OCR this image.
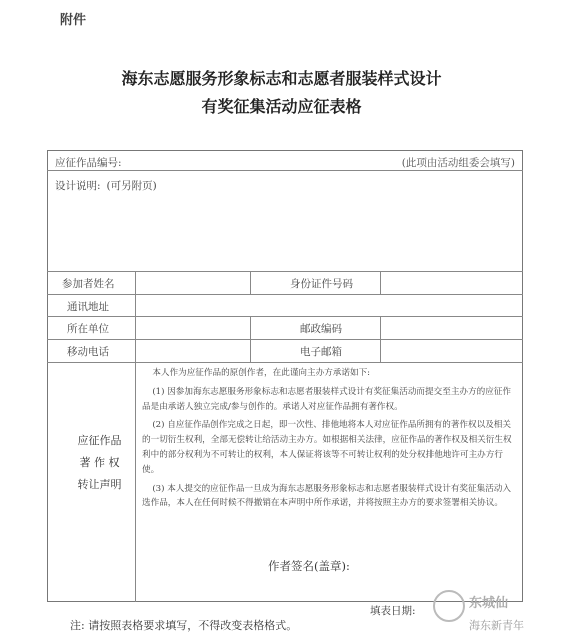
附件
海东志愿服务形象标志和志愿者服装样式设计
有奖征集活动应征表格
应征作品编号:	(此项由活动组委会填写)
设计说明: (可另附页)
参加者姓名	身份证件号码
通讯地址
所在单位	邮政编码
移动电话	电子邮箱
应征作品
著 作 权
转让声明

本人作为应征作品的原创作者，在此谨向主办方承诺如下:

(1) 因参加海东志愿服务形象标志和志愿者服装样式设计有奖征集活动而提交至主办方的应征作品是由承诺人独立完成/参与创作的。承诺人对应征作品拥有著作权。

(2) 自应征作品创作完成之日起，即一次性、排他地将本人对应征作品所拥有的著作权以及相关的一切衍生权利，全部无偿转让给活动主办方。如根据相关法律，应征作品的著作权及相关衍生权利中的部分权利为不可转让的权利，本人保证将该等不可转让权利的处分权排他地许可主办方行使。

(3) 本人提交的应征作品一旦成为海东志愿服务形象标志和志愿者服装样式设计有奖征集活动入选作品，本人在任何时候不得撤销在本声明中所作承诺，并将按照主办方的要求签署相关协议。

作者签名(盖章):
填表日期:
注: 请按照表格要求填写，不得改变表格格式。
东城仙
海东新青年
